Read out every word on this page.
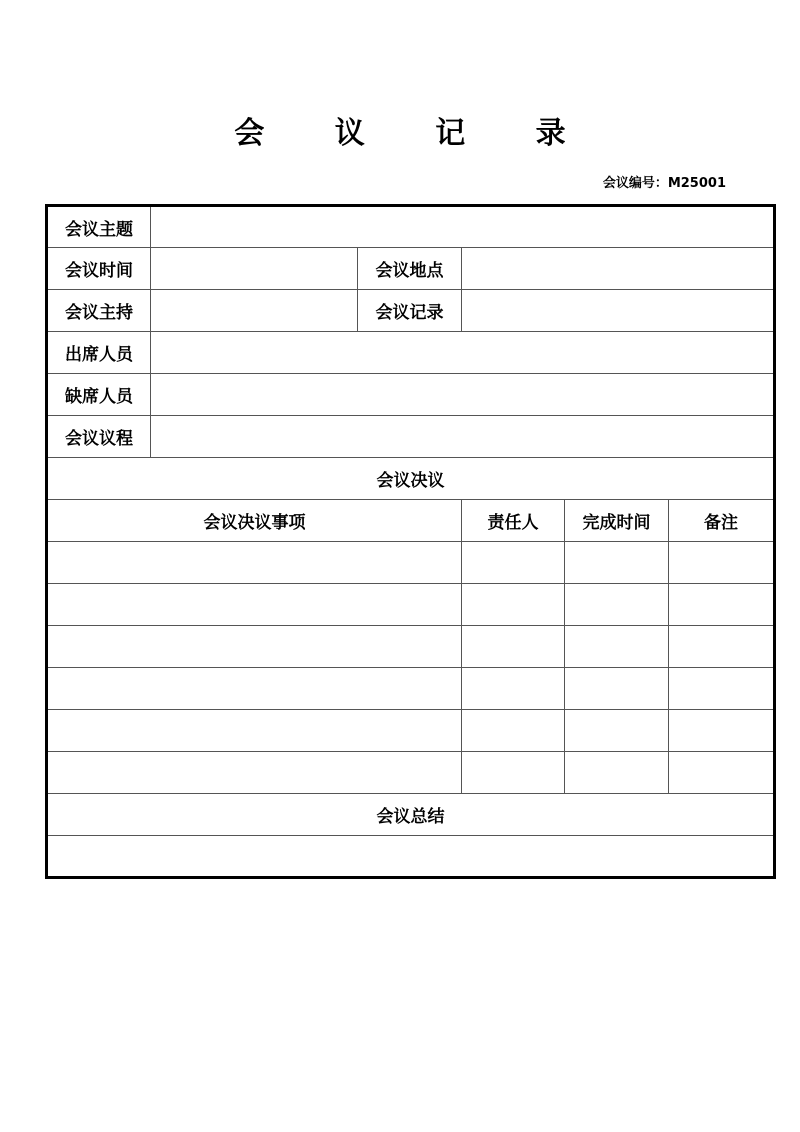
会 议 记 录
会议编号：M25001
会议主题					
会议时间		会议地点			
会议主持		会议记录			
出席人员					
缺席人员					
会议议程					
会议决议					
会议决议事项			责任人	完成时间	备注

会议总结					
